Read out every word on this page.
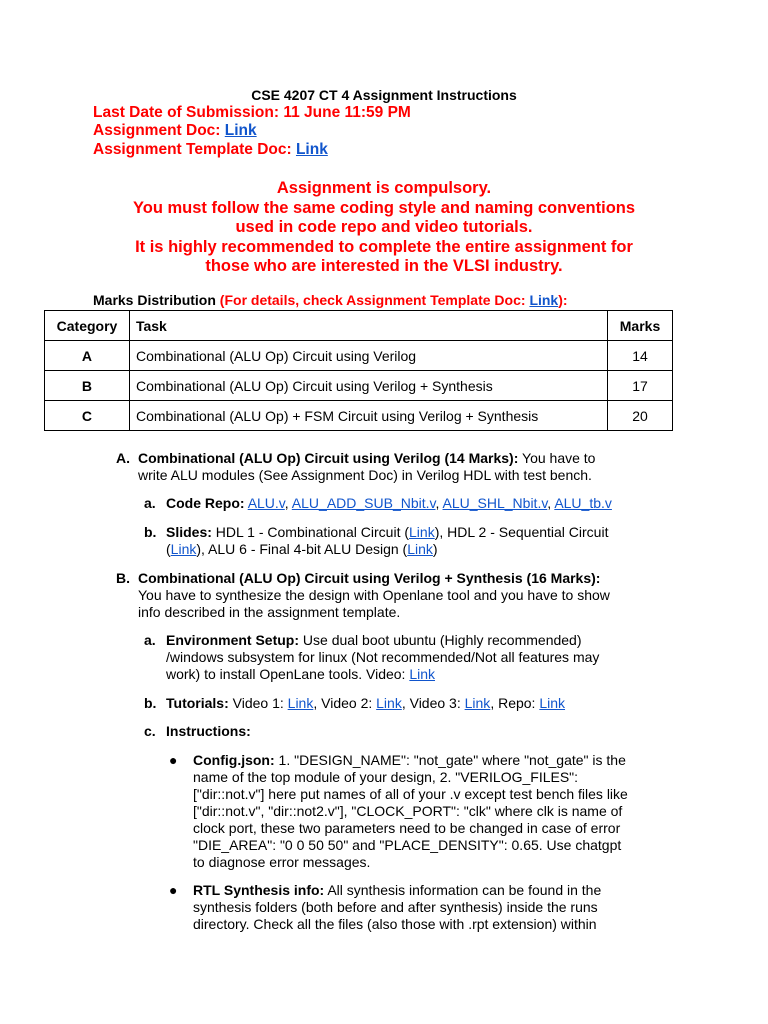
CSE 4207 CT 4 Assignment Instructions
Last Date of Submission: 11 June 11:59 PM
Assignment Doc: Link
Assignment Template Doc: Link
Assignment is compulsory.
You must follow the same coding style and naming conventions
used in code repo and video tutorials.
It is highly recommended to complete the entire assignment for
those who are interested in the VLSI industry.
Marks Distribution (For details, check Assignment Template Doc: Link):
Category	Task	Marks
A	Combinational (ALU Op) Circuit using Verilog	14
B	Combinational (ALU Op) Circuit using Verilog + Synthesis	17
C	Combinational (ALU Op) + FSM Circuit using Verilog + Synthesis	20
A. Combinational (ALU Op) Circuit using Verilog (14 Marks): You have to
write ALU modules (See Assignment Doc) in Verilog HDL with test bench.
a. Code Repo: ALU.v, ALU_ADD_SUB_Nbit.v, ALU_SHL_Nbit.v, ALU_tb.v
b. Slides: HDL 1 - Combinational Circuit (Link), HDL 2 - Sequential Circuit
(Link), ALU 6 - Final 4-bit ALU Design (Link)
B. Combinational (ALU Op) Circuit using Verilog + Synthesis (16 Marks):
You have to synthesize the design with Openlane tool and you have to show
info described in the assignment template.
a. Environment Setup: Use dual boot ubuntu (Highly recommended)
/windows subsystem for linux (Not recommended/Not all features may
work) to install OpenLane tools. Video: Link
b. Tutorials: Video 1: Link, Video 2: Link, Video 3: Link, Repo: Link
c. Instructions:
● Config.json: 1. "DESIGN_NAME": "not_gate" where "not_gate" is the
name of the top module of your design, 2. "VERILOG_FILES":
["dir::not.v"] here put names of all of your .v except test bench files like
["dir::not.v", "dir::not2.v"], "CLOCK_PORT": "clk" where clk is name of
clock port, these two parameters need to be changed in case of error
"DIE_AREA": "0 0 50 50" and "PLACE_DENSITY": 0.65. Use chatgpt
to diagnose error messages.
● RTL Synthesis info: All synthesis information can be found in the
synthesis folders (both before and after synthesis) inside the runs
directory. Check all the files (also those with .rpt extension) within
